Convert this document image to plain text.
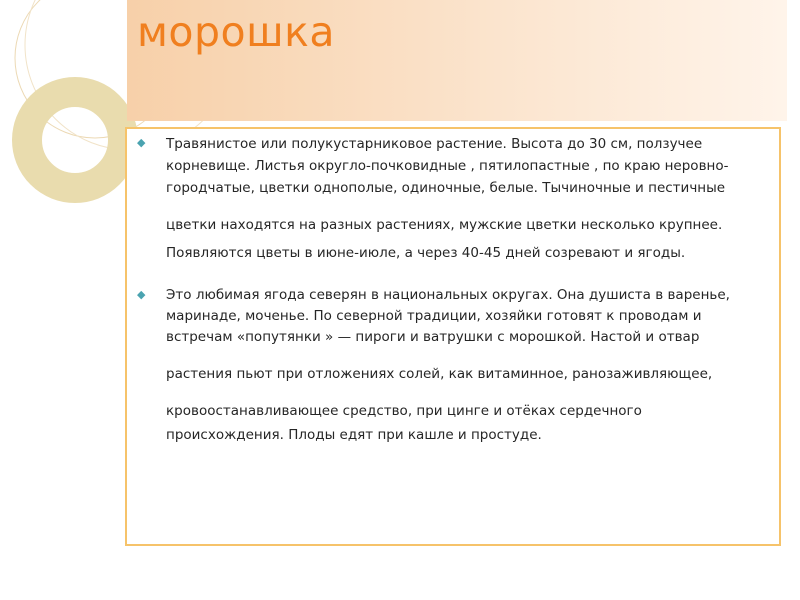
морошка
◆ Травянистое или полукустарниковое растение. Высота до 30 см, ползучее
корневище. Листья округло-почковидные , пятилопастные , по краю неровно-
городчатые, цветки однополые, одиночные, белые. Тычиночные и пестичные
цветки находятся на разных растениях, мужские цветки несколько крупнее.
Появляются цветы в июне-июле, а через 40-45 дней созревают и ягоды.
◆ Это любимая ягода северян в национальных округах. Она душиста в варенье,
маринаде, моченье. По северной традиции, хозяйки готовят к проводам и
встречам «попутянки » — пироги и ватрушки с морошкой. Настой и отвар
растения пьют при отложениях солей, как витаминное, ранозаживляющее,
кровоостанавливающее средство, при цинге и отёках сердечного
происхождения. Плоды едят при кашле и простуде.
